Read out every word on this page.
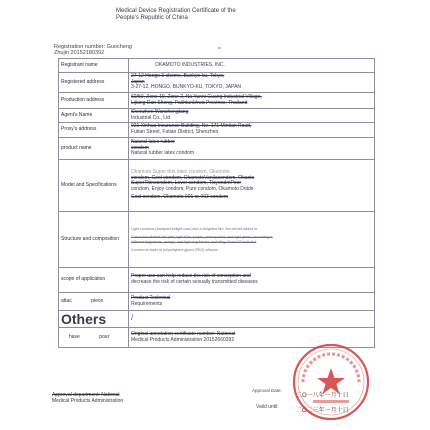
Medical Device Registration Certificate of the
People's Republic of China
Registration number: Guocheng
Zhujin 20152180392
Registrant name	OKAMOTO INDUSTRIES, INC.
Registered address	27-12 Hongo 3-chome, Bunkyo-ku, Tokyo,
Japan
3-27-12, HONGO, BUNKYO-KU, TOKYO, JAPAN

Production address	60/50, Zone 19, Zone 2, Na Yunni Guang Industrial Village,
Lijiang Dan Sheng, Pakhtunkhwa Province, Thailand

Agent's Name	Shenzhen Wanshengtang
Industrial Co., Ltd

Proxy's address	921 Xinhua Insurance Building, No. 171 Mintian Road,
Futian Street, Futian District, Shenzhen

product name	Natural latex rubber
condom
Natural rubber latex condom

Model and Specifications	Okamoto Super thin latex condom, Okamoto
condom, Cool condom, OkamotoVanilacondom, Okaoto
SuperThincondom, Lover condom, TicyondmPoer
condom, Enjoy condom, Pure condom, Okamoto Dotde
Cool condom, Okamoto 001 or 003 condom

Structure and composition	Light condoms (transparent/light rose) and a weighted film, the dot tint added to
Colors are divided into pink, light blue, purple, primary color, and light green; according to
different fragrances, orange, and light dog flavors; including Okam10Dotde Hot
Condom is made of polyethylene glycol (PEG) silicone.

scope of application	Proper use can help reduce the risk of conception and
decrease the risk of certain sexually transmitted diseases

attac piece	Product Technical
Requirements

Others	/
have pour	Original annotation certificate number: National
Medical Products Administration 20152660392
Approval department: National
Medical Products Administration
Approval Date:
二O一八年一月十日
Valid until:
二O二三年一月十日
